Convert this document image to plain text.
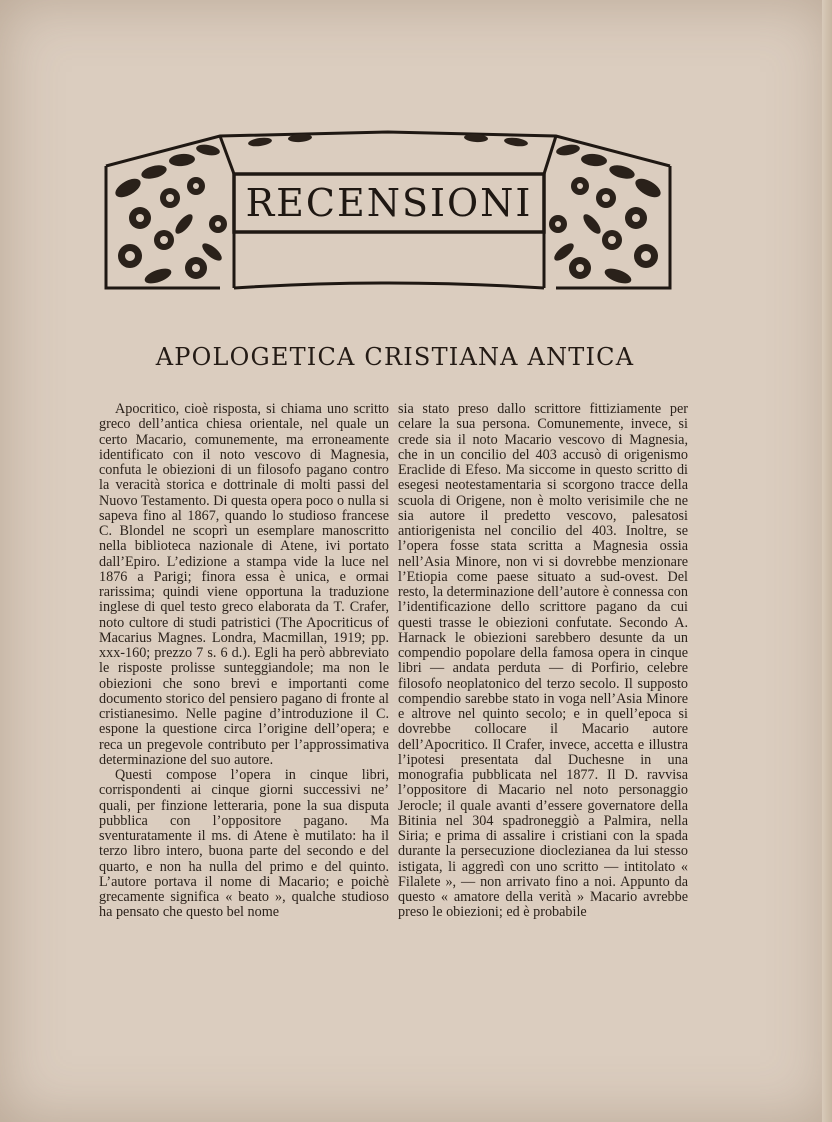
RECENSIONI
APOLOGETICA CRISTIANA ANTICA

Apocritico, cioè risposta, si chiama uno scritto greco dell’antica chiesa orientale, nel quale un certo Macario, comunemente, ma erroneamente identificato con il noto vescovo di Magnesia, confuta le obiezioni di un filosofo pagano contro la veracità storica e dottrinale di molti passi del Nuovo Testamento. Di questa opera poco o nulla si sapeva fino al 1867, quando lo studioso francese C. Blondel ne scoprì un esemplare manoscritto nella biblioteca nazionale di Atene, ivi portato dall’Epiro. L’edizione a stampa vide la luce nel 1876 a Parigi; finora essa è unica, e ormai rarissima; quindi viene opportuna la traduzione inglese di quel testo greco elaborata da T. Crafer, noto cultore di studi patristici (The Apocriticus of Macarius Magnes. Londra, Macmillan, 1919; pp. xxx-160; prezzo 7 s. 6 d.). Egli ha però abbreviato le risposte prolisse sunteggiandole; ma non le obiezioni che sono brevi e importanti come documento storico del pensiero pagano di fronte al cristianesimo. Nelle pagine d’introduzione il C. espone la questione circa l’origine dell’opera; e reca un pregevole contributo per l’approssimativa determinazione del suo autore.

Questi compose l’opera in cinque libri, corrispondenti ai cinque giorni successivi ne’ quali, per finzione letteraria, pone la sua disputa pubblica con l’oppositore pagano. Ma sventuratamente il ms. di Atene è mutilato: ha il terzo libro intero, buona parte del secondo e del quarto, e non ha nulla del primo e del quinto. L’autore portava il nome di Macario; e poichè grecamente significa « beato », qualche studioso ha pensato che questo bel nome

sia stato preso dallo scrittore fittiziamente per celare la sua persona. Comunemente, invece, si crede sia il noto Macario vescovo di Magnesia, che in un concilio del 403 accusò di origenismo Eraclide di Efeso. Ma siccome in questo scritto di esegesi neotestamentaria si scorgono tracce della scuola di Origene, non è molto verisimile che ne sia autore il predetto vescovo, palesatosi antiorigenista nel concilio del 403. Inoltre, se l’opera fosse stata scritta a Magnesia ossia nell’Asia Minore, non vi si dovrebbe menzionare l’Etiopia come paese situato a sud-ovest. Del resto, la determinazione dell’autore è connessa con l’identificazione dello scrittore pagano da cui questi trasse le obiezioni confutate. Secondo A. Harnack le obiezioni sarebbero desunte da un compendio popolare della famosa opera in cinque libri — andata perduta — di Porfirio, celebre filosofo neoplatonico del terzo secolo. Il supposto compendio sarebbe stato in voga nell’Asia Minore e altrove nel quinto secolo; e in quell’epoca si dovrebbe collocare il Macario autore dell’Apocritico. Il Crafer, invece, accetta e illustra l’ipotesi presentata dal Duchesne in una monografia pubblicata nel 1877. Il D. ravvisa l’oppositore di Macario nel noto personaggio Jerocle; il quale avanti d’essere governatore della Bitinia nel 304 spadroneggiò a Palmira, nella Siria; e prima di assalire i cristiani con la spada durante la persecuzione dioclezianea da lui stesso istigata, li aggredì con uno scritto — intitolato « Filalete », — non arrivato fino a noi. Appunto da questo « amatore della verità » Macario avrebbe preso le obiezioni; ed è probabile
